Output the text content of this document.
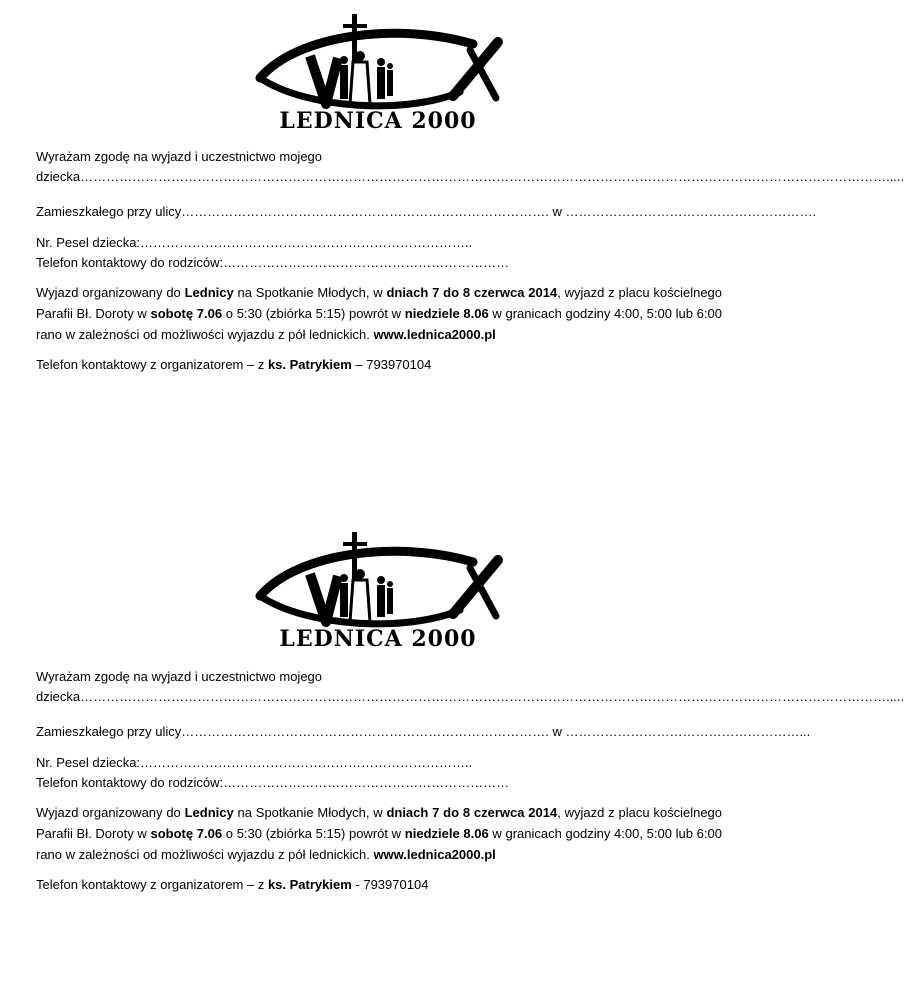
LEDNICA 2000
Wyrażam zgodę na wyjazd i uczestnictwo mojego
dziecka…………………………………………………………………………………………………………………………………………………………………….....
Zamieszkałego przy ulicy…………………………………………………………………………. w ………………………………………………….
Nr. Pesel dziecka:…………………………………………………………………..
Telefon kontaktowy do rodziców:…………………………………………………………
Wyjazd organizowany do Lednicy na Spotkanie Młodych, w dniach 7 do 8 czerwca 2014, wyjazd z placu kościelnego Parafii Bł. Doroty w sobotę 7.06 o 5:30 (zbiórka 5:15) powrót w niedziele 8.06 w granicach godziny 4:00, 5:00 lub 6:00 rano w zależności od możliwości wyjazdu z pół lednickich. www.lednica2000.pl
Telefon kontaktowy z organizatorem – z ks. Patrykiem – 793970104
LEDNICA 2000
Wyrażam zgodę na wyjazd i uczestnictwo mojego
dziecka…………………………………………………………………………………………………………………………………………………………………….....
Zamieszkałego przy ulicy…………………………………………………………………………. w ………………………………………………...
Nr. Pesel dziecka:…………………………………………………………………..
Telefon kontaktowy do rodziców:…………………………………………………………
Wyjazd organizowany do Lednicy na Spotkanie Młodych, w dniach 7 do 8 czerwca 2014, wyjazd z placu kościelnego Parafii Bł. Doroty w sobotę 7.06 o 5:30 (zbiórka 5:15) powrót w niedziele 8.06 w granicach godziny 4:00, 5:00 lub 6:00 rano w zależności od możliwości wyjazdu z pół lednickich. www.lednica2000.pl
Telefon kontaktowy z organizatorem – z ks. Patrykiem - 793970104
